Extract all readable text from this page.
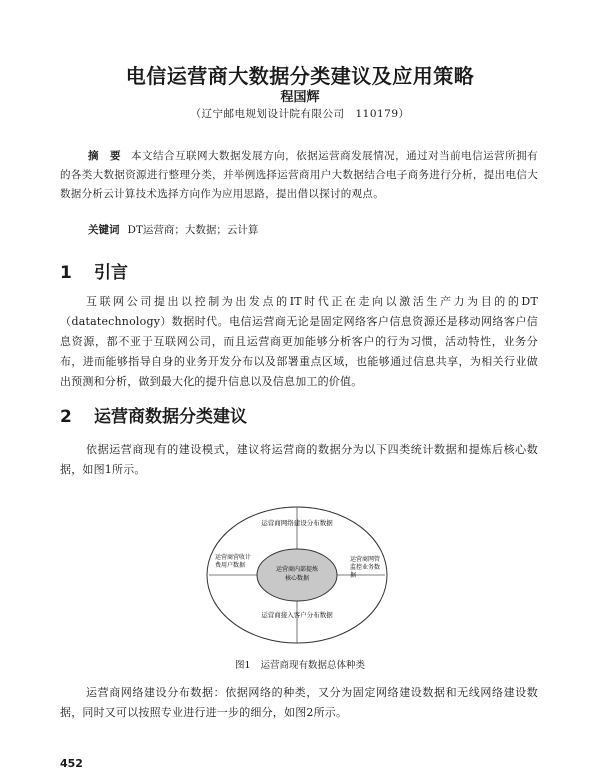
电信运营商大数据分类建议及应用策略
程国辉
（辽宁邮电规划设计院有限公司　110179）
摘　要 本文结合互联网大数据发展方向，依据运营商发展情况，通过对当前电信运营所拥有的各类大数据资源进行整理分类，并举例选择运营商用户大数据结合电子商务进行分析，提出电信大数据分析云计算技术选择方向作为应用思路，提出借以探讨的观点。
关键词 DT运营商；大数据；云计算
1 引言
互联网公司提出以控制为出发点的IT时代正在走向以激活生产力为目的的DT（datatechnology）数据时代。电信运营商无论是固定网络客户信息资源还是移动网络客户信息资源，都不亚于互联网公司，而且运营商更加能够分析客户的行为习惯，活动特性，业务分布，进而能够指导自身的业务开发分布以及部署重点区域，也能够通过信息共享，为相关行业做出预测和分析，做到最大化的提升信息以及信息加工的价值。
2 运营商数据分类建议
依据运营商现有的建设模式，建议将运营商的数据分为以下四类统计数据和提炼后核心数据，如图1所示。
运营商网络建设分布数据
运营商营收计
费用户数据
运营商内部提炼
核心数据
运营商网管
监控业务数
据
运营商接入客户分布数据
图1 运营商现有数据总体种类
运营商网络建设分布数据：依据网络的种类，又分为固定网络建设数据和无线网络建设数据，同时又可以按照专业进行进一步的细分，如图2所示。
452
